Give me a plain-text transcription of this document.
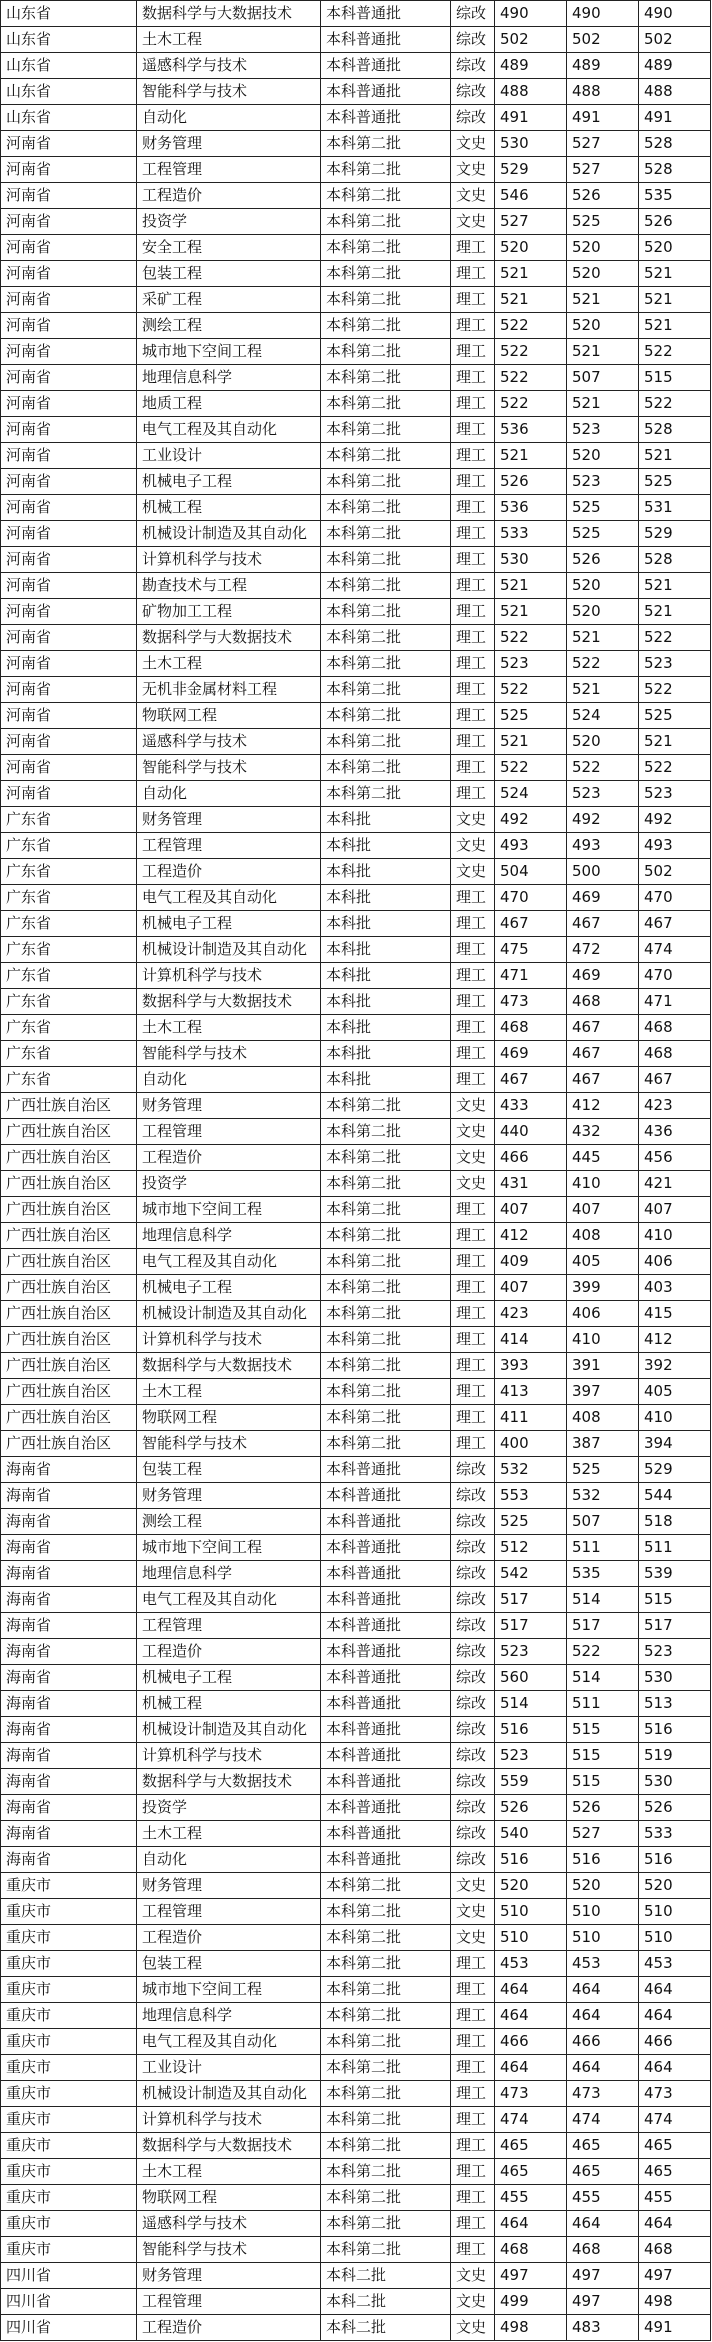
山东省	数据科学与大数据技术	本科普通批	综改	490	490	490
山东省	土木工程	本科普通批	综改	502	502	502
山东省	遥感科学与技术	本科普通批	综改	489	489	489
山东省	智能科学与技术	本科普通批	综改	488	488	488
山东省	自动化	本科普通批	综改	491	491	491
河南省	财务管理	本科第二批	文史	530	527	528
河南省	工程管理	本科第二批	文史	529	527	528
河南省	工程造价	本科第二批	文史	546	526	535
河南省	投资学	本科第二批	文史	527	525	526
河南省	安全工程	本科第二批	理工	520	520	520
河南省	包装工程	本科第二批	理工	521	520	521
河南省	采矿工程	本科第二批	理工	521	521	521
河南省	测绘工程	本科第二批	理工	522	520	521
河南省	城市地下空间工程	本科第二批	理工	522	521	522
河南省	地理信息科学	本科第二批	理工	522	507	515
河南省	地质工程	本科第二批	理工	522	521	522
河南省	电气工程及其自动化	本科第二批	理工	536	523	528
河南省	工业设计	本科第二批	理工	521	520	521
河南省	机械电子工程	本科第二批	理工	526	523	525
河南省	机械工程	本科第二批	理工	536	525	531
河南省	机械设计制造及其自动化	本科第二批	理工	533	525	529
河南省	计算机科学与技术	本科第二批	理工	530	526	528
河南省	勘查技术与工程	本科第二批	理工	521	520	521
河南省	矿物加工工程	本科第二批	理工	521	520	521
河南省	数据科学与大数据技术	本科第二批	理工	522	521	522
河南省	土木工程	本科第二批	理工	523	522	523
河南省	无机非金属材料工程	本科第二批	理工	522	521	522
河南省	物联网工程	本科第二批	理工	525	524	525
河南省	遥感科学与技术	本科第二批	理工	521	520	521
河南省	智能科学与技术	本科第二批	理工	522	522	522
河南省	自动化	本科第二批	理工	524	523	523
广东省	财务管理	本科批	文史	492	492	492
广东省	工程管理	本科批	文史	493	493	493
广东省	工程造价	本科批	文史	504	500	502
广东省	电气工程及其自动化	本科批	理工	470	469	470
广东省	机械电子工程	本科批	理工	467	467	467
广东省	机械设计制造及其自动化	本科批	理工	475	472	474
广东省	计算机科学与技术	本科批	理工	471	469	470
广东省	数据科学与大数据技术	本科批	理工	473	468	471
广东省	土木工程	本科批	理工	468	467	468
广东省	智能科学与技术	本科批	理工	469	467	468
广东省	自动化	本科批	理工	467	467	467
广西壮族自治区	财务管理	本科第二批	文史	433	412	423
广西壮族自治区	工程管理	本科第二批	文史	440	432	436
广西壮族自治区	工程造价	本科第二批	文史	466	445	456
广西壮族自治区	投资学	本科第二批	文史	431	410	421
广西壮族自治区	城市地下空间工程	本科第二批	理工	407	407	407
广西壮族自治区	地理信息科学	本科第二批	理工	412	408	410
广西壮族自治区	电气工程及其自动化	本科第二批	理工	409	405	406
广西壮族自治区	机械电子工程	本科第二批	理工	407	399	403
广西壮族自治区	机械设计制造及其自动化	本科第二批	理工	423	406	415
广西壮族自治区	计算机科学与技术	本科第二批	理工	414	410	412
广西壮族自治区	数据科学与大数据技术	本科第二批	理工	393	391	392
广西壮族自治区	土木工程	本科第二批	理工	413	397	405
广西壮族自治区	物联网工程	本科第二批	理工	411	408	410
广西壮族自治区	智能科学与技术	本科第二批	理工	400	387	394
海南省	包装工程	本科普通批	综改	532	525	529
海南省	财务管理	本科普通批	综改	553	532	544
海南省	测绘工程	本科普通批	综改	525	507	518
海南省	城市地下空间工程	本科普通批	综改	512	511	511
海南省	地理信息科学	本科普通批	综改	542	535	539
海南省	电气工程及其自动化	本科普通批	综改	517	514	515
海南省	工程管理	本科普通批	综改	517	517	517
海南省	工程造价	本科普通批	综改	523	522	523
海南省	机械电子工程	本科普通批	综改	560	514	530
海南省	机械工程	本科普通批	综改	514	511	513
海南省	机械设计制造及其自动化	本科普通批	综改	516	515	516
海南省	计算机科学与技术	本科普通批	综改	523	515	519
海南省	数据科学与大数据技术	本科普通批	综改	559	515	530
海南省	投资学	本科普通批	综改	526	526	526
海南省	土木工程	本科普通批	综改	540	527	533
海南省	自动化	本科普通批	综改	516	516	516
重庆市	财务管理	本科第二批	文史	520	520	520
重庆市	工程管理	本科第二批	文史	510	510	510
重庆市	工程造价	本科第二批	文史	510	510	510
重庆市	包装工程	本科第二批	理工	453	453	453
重庆市	城市地下空间工程	本科第二批	理工	464	464	464
重庆市	地理信息科学	本科第二批	理工	464	464	464
重庆市	电气工程及其自动化	本科第二批	理工	466	466	466
重庆市	工业设计	本科第二批	理工	464	464	464
重庆市	机械设计制造及其自动化	本科第二批	理工	473	473	473
重庆市	计算机科学与技术	本科第二批	理工	474	474	474
重庆市	数据科学与大数据技术	本科第二批	理工	465	465	465
重庆市	土木工程	本科第二批	理工	465	465	465
重庆市	物联网工程	本科第二批	理工	455	455	455
重庆市	遥感科学与技术	本科第二批	理工	464	464	464
重庆市	智能科学与技术	本科第二批	理工	468	468	468
四川省	财务管理	本科二批	文史	497	497	497
四川省	工程管理	本科二批	文史	499	497	498
四川省	工程造价	本科二批	文史	498	483	491
